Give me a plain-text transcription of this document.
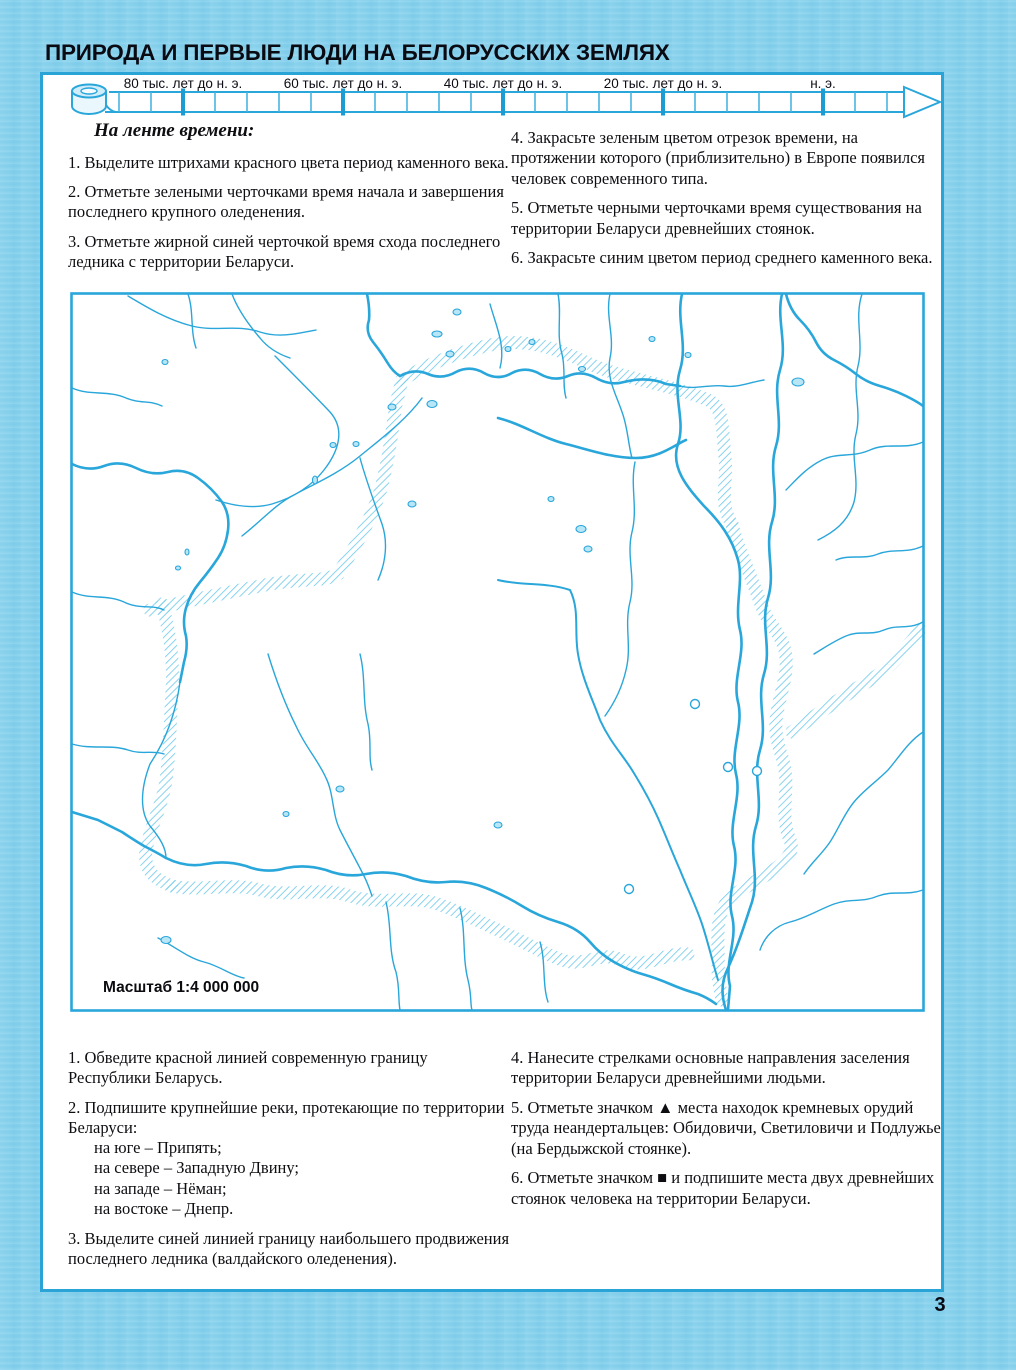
ПРИРОДА И ПЕРВЫЕ ЛЮДИ НА БЕЛОРУССКИХ ЗЕМЛЯХ
80 тыс. лет до н. э.	60 тыс. лет до н. э.	40 тыс. лет до н. э.	20 тыс. лет до н. э.	н. э.
На ленте времени:

1. Выделите штрихами красного цвета период каменного века.

2. Отметьте зелеными черточками время начала и завершения последнего крупного оледенения.

3. Отметьте жирной синей черточкой время схода последнего ледника с территории Беларуси.

4. Закрасьте зеленым цветом отрезок времени, на протяжении которого (приблизительно) в Европе появился человек современного типа.

5. Отметьте черными черточками время существования на территории Беларуси древнейших стоянок.

6. Закрасьте синим цветом период среднего каменного века.

Масштаб 1:4 000 000

1. Обведите красной линией современную границу Республики Беларусь.

2. Подпишите крупнейшие реки, протекающие по территории Беларуси:

на юге – Припять;
на севере – Западную Двину;
на западе – Нёман;
на востоке – Днепр.

3. Выделите синей линией границу наибольшего продвижения последнего ледника (валдайского оледенения).

4. Нанесите стрелками основные направления заселения территории Беларуси древнейшими людьми.

5. Отметьте значком ▲ места находок кремневых орудий труда неандертальцев: Обидовичи, Светиловичи и Подлужье (на Бердыжской стоянке).

6. Отметьте значком ■ и подпишите места двух древнейших стоянок человека на территории Беларуси.

3
